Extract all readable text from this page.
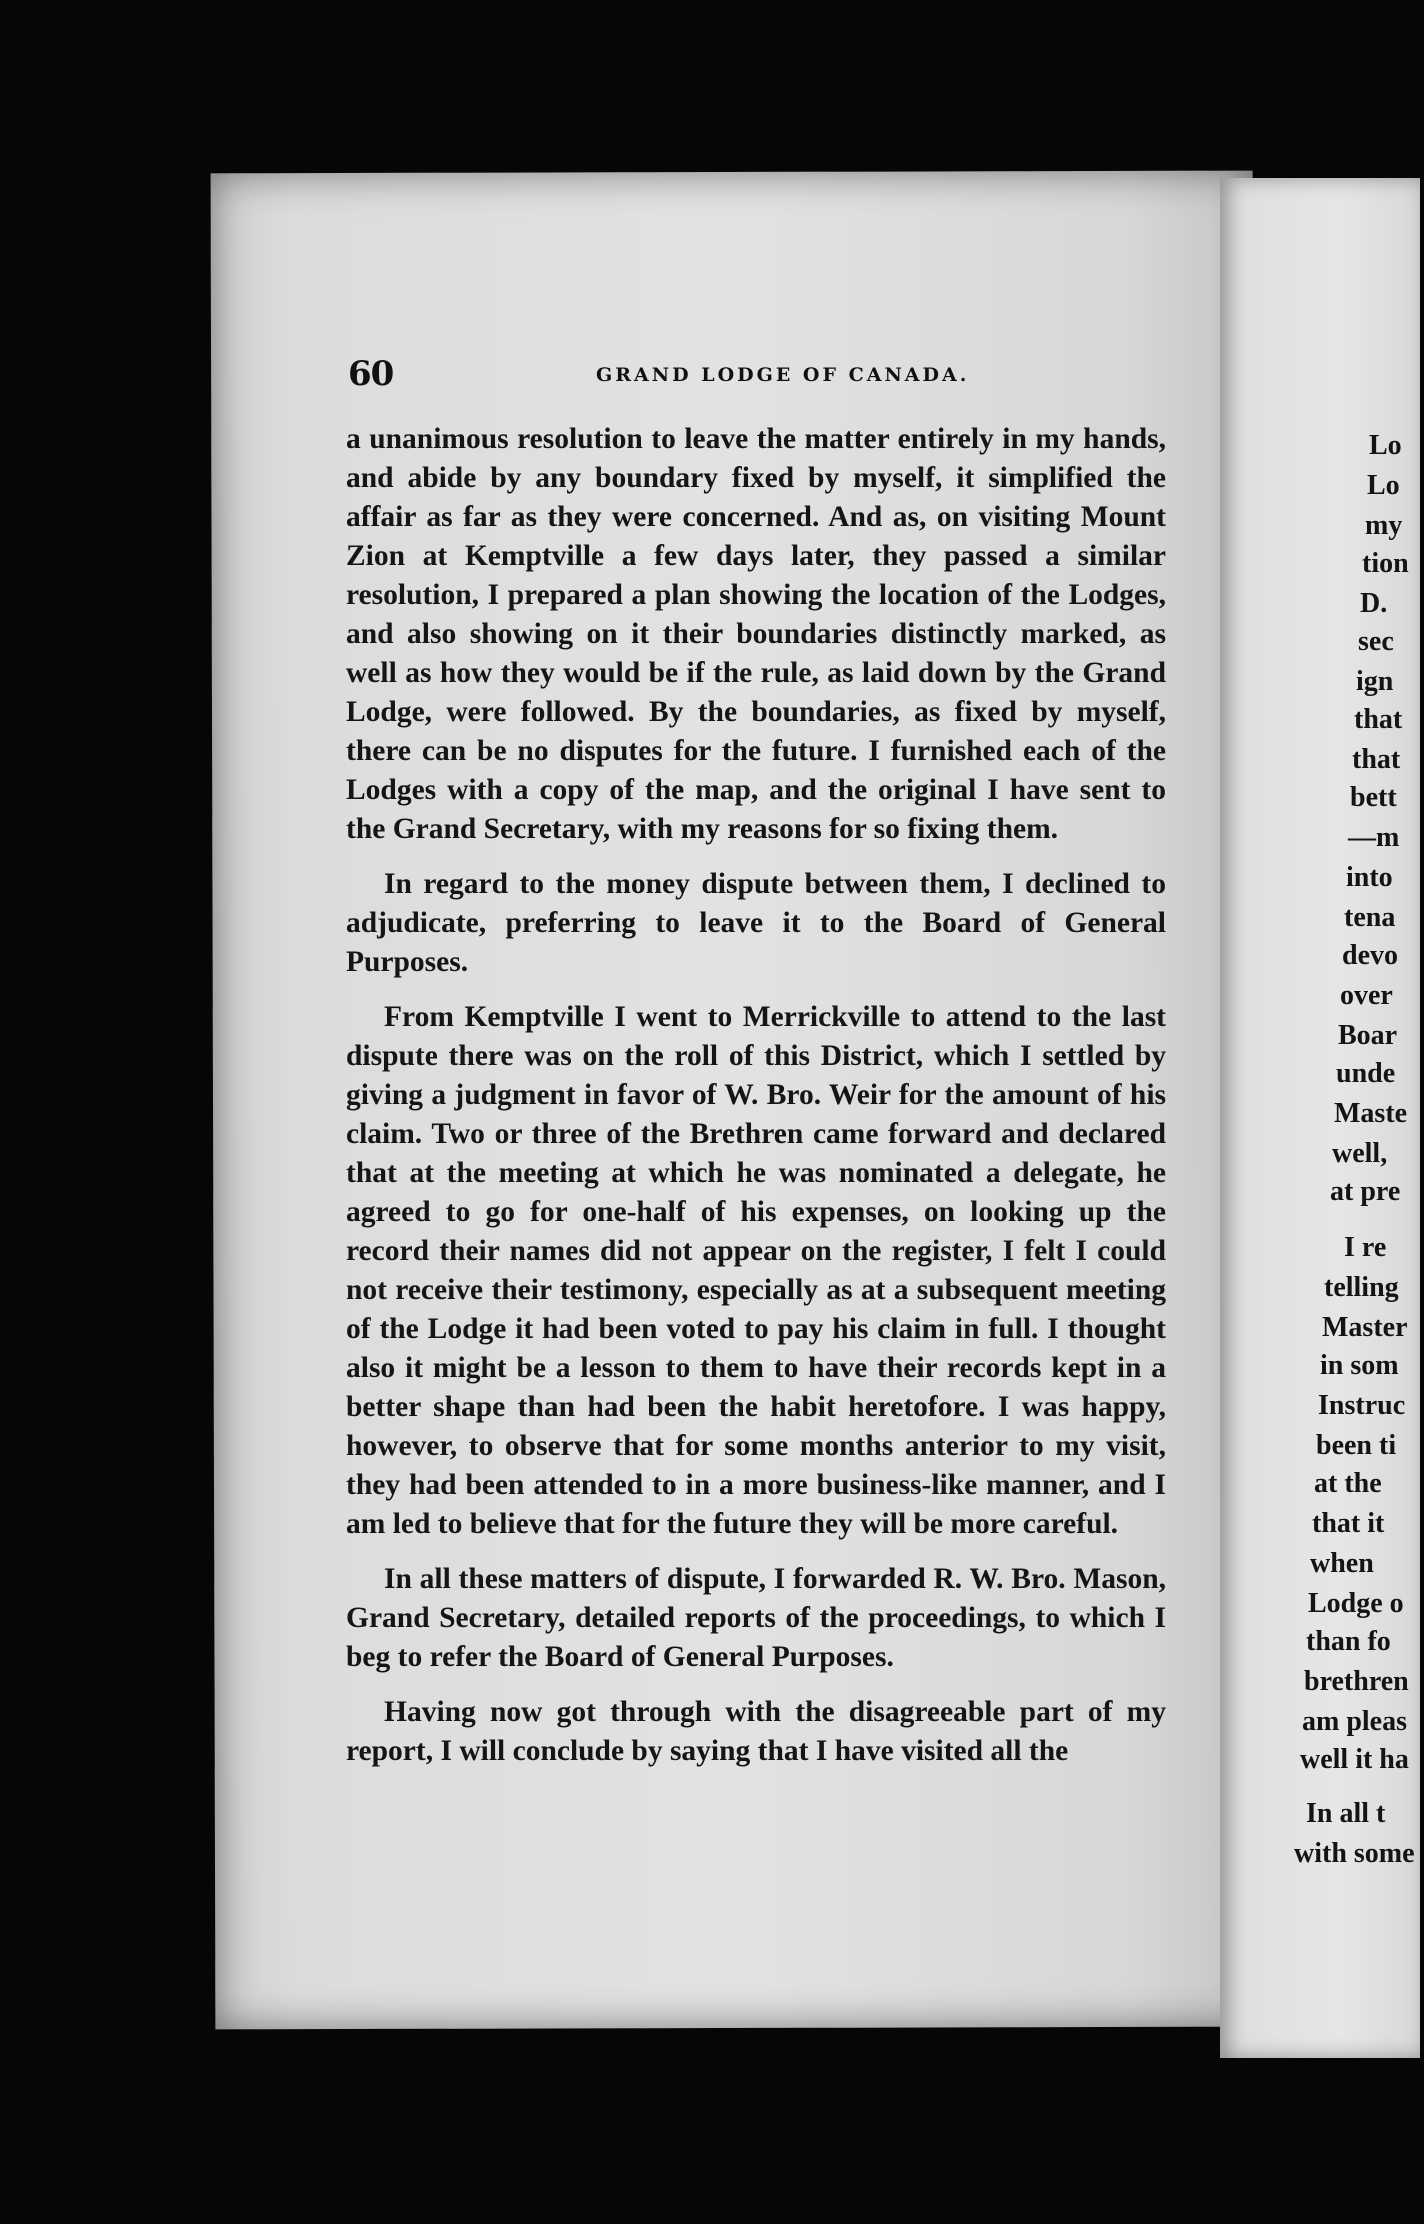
60	GRAND LODGE OF CANADA.

a unanimous resolution to leave the matter entirely in my hands, and abide by any boundary fixed by myself, it simplified the affair as far as they were concerned. And as, on visiting Mount Zion at Kemptville a few days later, they passed a similar resolution, I prepared a plan showing the location of the Lodges, and also showing on it their boundaries distinctly marked, as well as how they would be if the rule, as laid down by the Grand Lodge, were followed. By the boundaries, as fixed by myself, there can be no disputes for the future. I furnished each of the Lodges with a copy of the map, and the original I have sent to the Grand Secretary, with my reasons for so fixing them.

In regard to the money dispute between them, I declined to adjudicate, preferring to leave it to the Board of General Purposes.

From Kemptville I went to Merrickville to attend to the last dispute there was on the roll of this District, which I settled by giving a judgment in favor of W. Bro. Weir for the amount of his claim. Two or three of the Brethren came forward and declared that at the meeting at which he was nominated a delegate, he agreed to go for one-half of his expenses, on looking up the record their names did not appear on the register, I felt I could not receive their testimony, especially as at a subsequent meeting of the Lodge it had been voted to pay his claim in full. I thought also it might be a lesson to them to have their records kept in a better shape than had been the habit heretofore. I was happy, however, to observe that for some months anterior to my visit, they had been attended to in a more business-like manner, and I am led to believe that for the future they will be more careful.

In all these matters of dispute, I forwarded R. W. Bro. Mason, Grand Secretary, detailed reports of the proceedings, to which I beg to refer the Board of General Purposes.

Having now got through with the disagreeable part of my report, I will conclude by saying that I have visited all the

Lo
Lo
my
tion
D.
sec
ign
that
that
bett
—m
into
tena
devo
over
Boar
unde
Maste
well,
at pre
I re
telling
Master
in som
Instruc
been ti
at the
that it
when
Lodge o
than fo
brethren
am pleas
well it ha
In all t
with some
